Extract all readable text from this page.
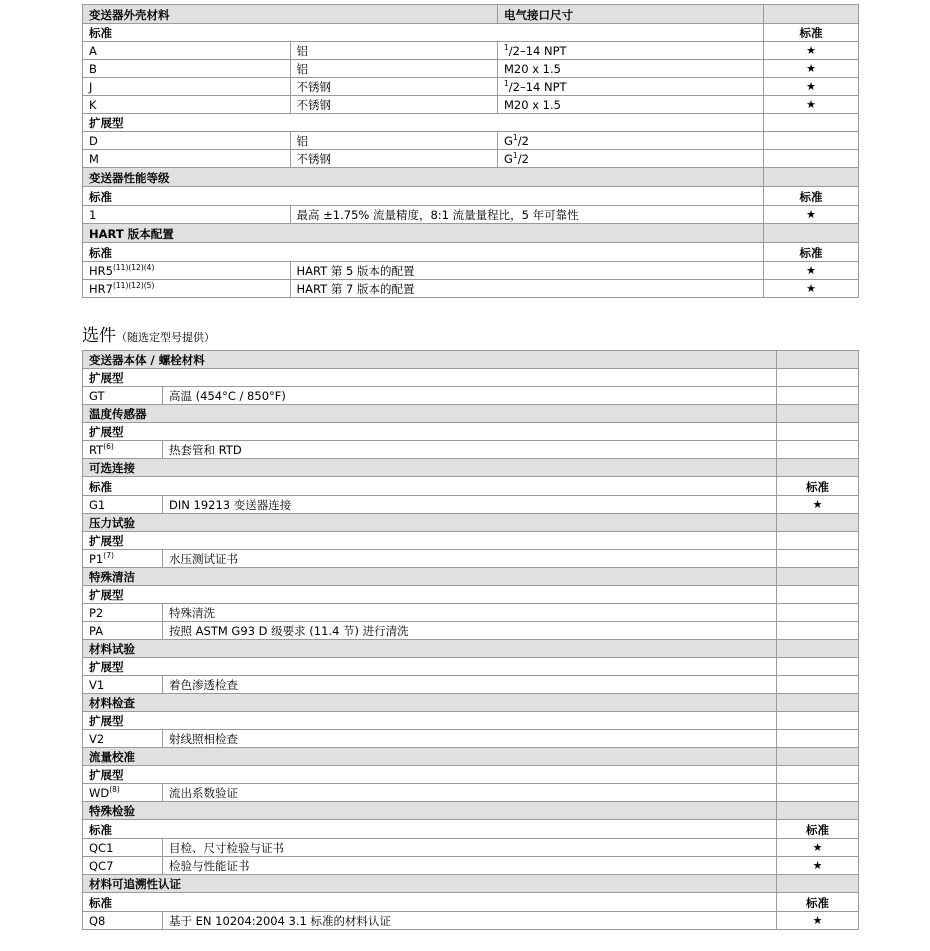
变送器外壳材料		电气接口尺寸	
标准			标准
A	铝	$^1$/2–14 NPT	★
B	铝	M20 x 1.5	★
J	不锈钢	$^1$/2–14 NPT	★
K	不锈钢	M20 x 1.5	★
扩展型			
D	铝	$G^1/2$	
M	不锈钢	$G^1/2$	
变送器性能等级			
标准			标准
1	最高 ±1.75% 流量精度，8:1 流量量程比，5 年可靠性		★
HART 版本配置			
标准			标准
$HR5^{(11)(12)(4)}$	HART 第 5 版本的配置		★
$HR7^{(11)(12)(5)}$	HART 第 7 版本的配置		★
选件（随选定型号提供）
变送器本体 / 螺栓材料		
扩展型		
GT	高温 (454°C / 850°F)	
温度传感器		
扩展型		
RT$^{(6)}$	热套管和 RTD	
可选连接		
标准		标准
G1	DIN 19213 变送器连接	★
压力试验		
扩展型		
P1$^{(7)}$	水压测试证书	
特殊清洁		
扩展型		
P2	特殊清洗	
PA	按照 ASTM G93 D 级要求 (11.4 节) 进行清洗	
材料试验		
扩展型		
V1	着色渗透检查	
材料检查		
扩展型		
V2	射线照相检查	
流量校准		
扩展型		
WD$^{(8)}$	流出系数验证	
特殊检验		
标准		标准
QC1	目检、尺寸检验与证书	★
QC7	检验与性能证书	★
材料可追溯性认证		
标准		标准
Q8	基于 EN 10204:2004 3.1 标准的材料认证	★
